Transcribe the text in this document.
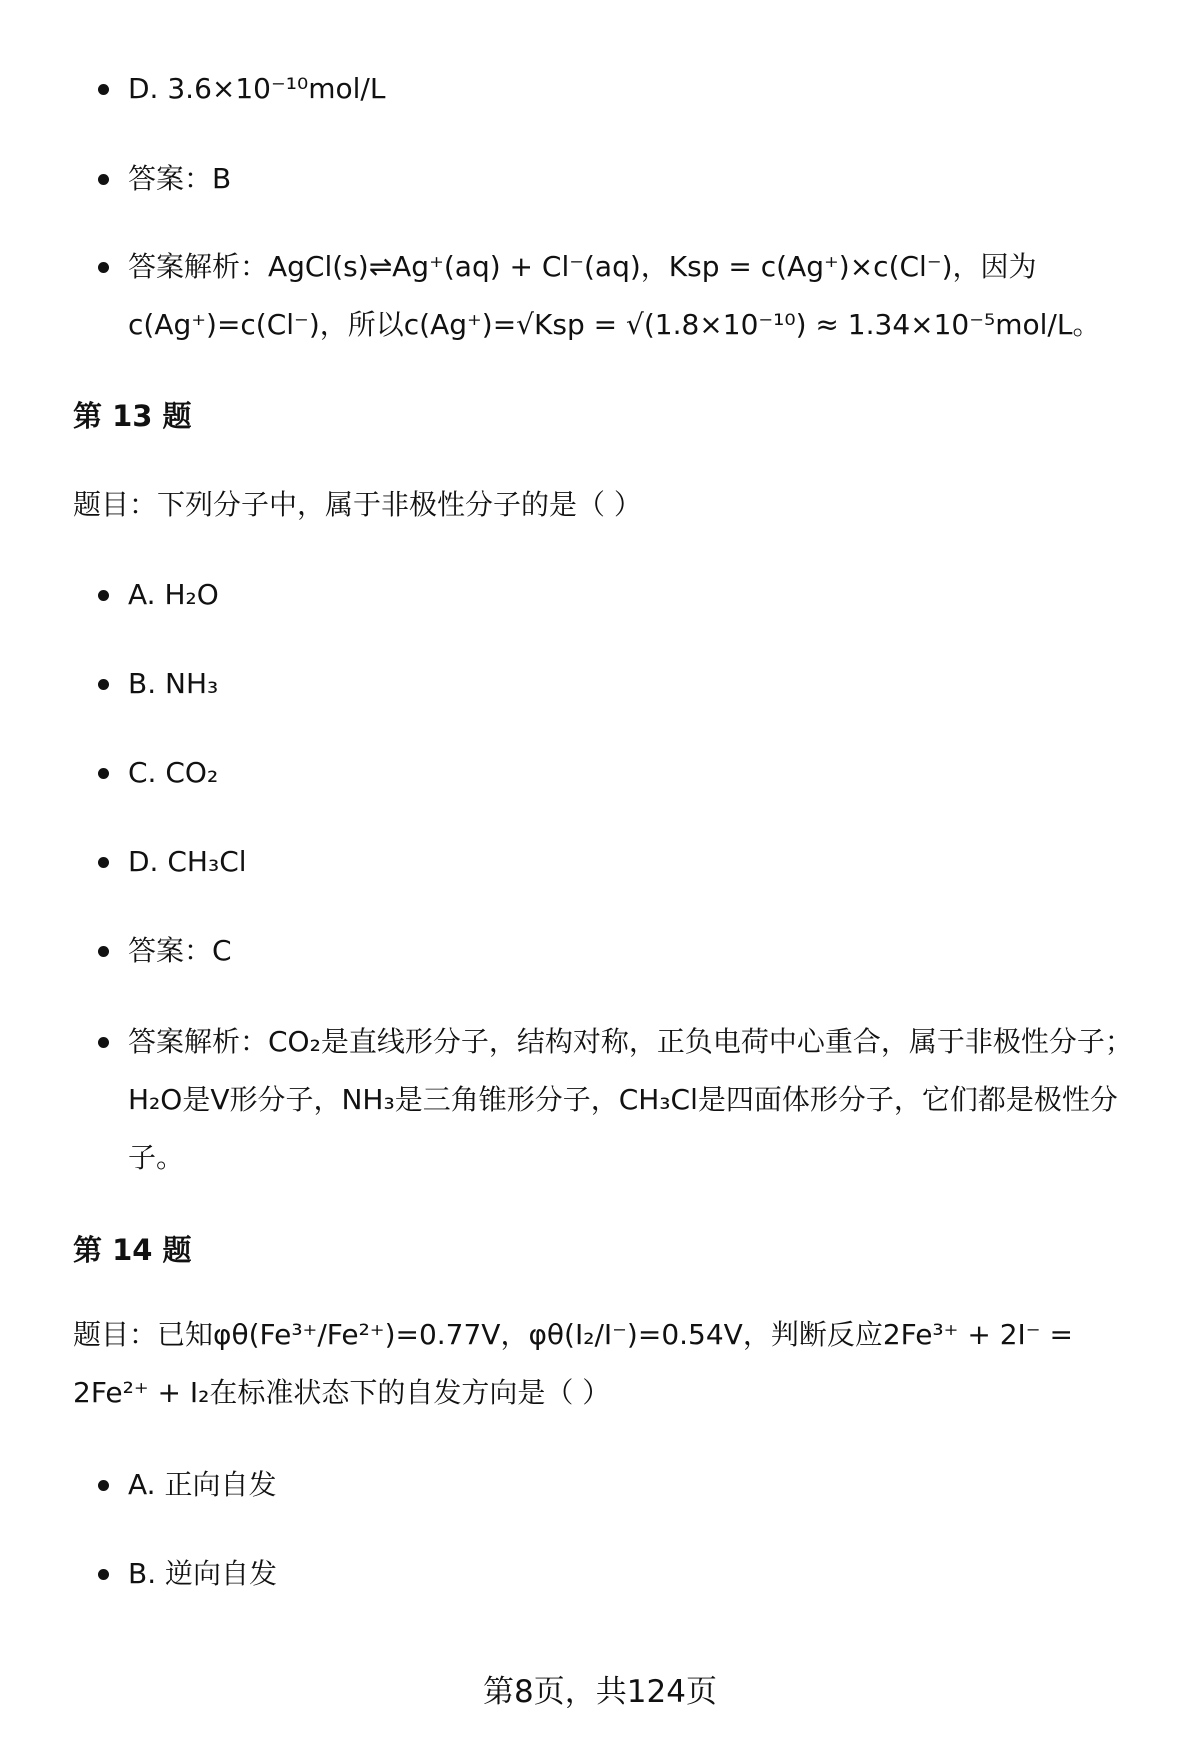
D. 3.6×10⁻¹⁰mol/L
答案：B
答案解析：AgCl(s)⇌Ag⁺(aq) + Cl⁻(aq)，Ksp = c(Ag⁺)×c(Cl⁻)，因为c(Ag⁺)=c(Cl⁻)，所以c(Ag⁺)=√Ksp = √(1.8×10⁻¹⁰) ≈ 1.34×10⁻⁵mol/L。
第 13 题
题目：下列分子中，属于非极性分子的是（ ）
A. H₂O
B. NH₃
C. CO₂
D. CH₃Cl
答案：C
答案解析：CO₂是直线形分子，结构对称，正负电荷中心重合，属于非极性分子；H₂O是V形分子，NH₃是三角锥形分子，CH₃Cl是四面体形分子，它们都是极性分子。
第 14 题
题目：已知φθ(Fe³⁺/Fe²⁺)=0.77V，φθ(I₂/I⁻)=0.54V，判断反应2Fe³⁺ + 2I⁻ = 2Fe²⁺ + I₂在标准状态下的自发方向是（ ）
A. 正向自发
B. 逆向自发
第8页，共124页
